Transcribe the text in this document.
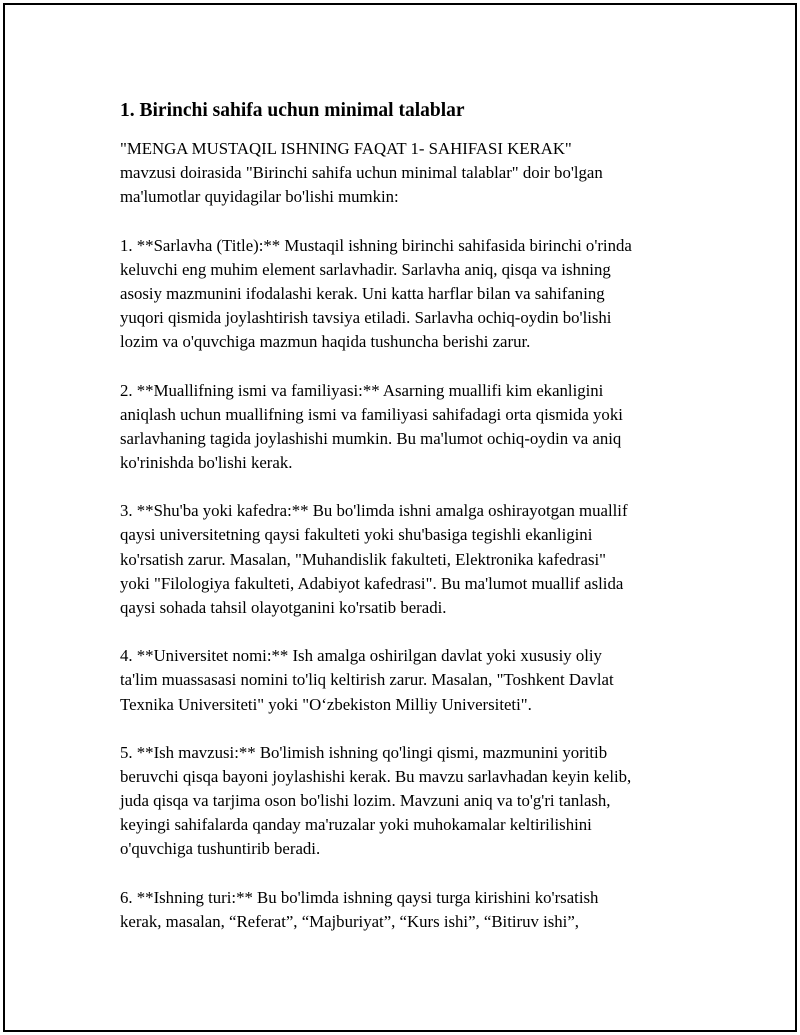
1. Birinchi sahifa uchun minimal talablar
"MENGA MUSTAQIL ISHNING FAQAT 1- SAHIFASI KERAK"
mavzusi doirasida "Birinchi sahifa uchun minimal talablar" doir bo'lgan
ma'lumotlar quyidagilar bo'lishi mumkin:
1. **Sarlavha (Title):** Mustaqil ishning birinchi sahifasida birinchi o'rinda
keluvchi eng muhim element sarlavhadir. Sarlavha aniq, qisqa va ishning
asosiy mazmunini ifodalashi kerak. Uni katta harflar bilan va sahifaning
yuqori qismida joylashtirish tavsiya etiladi. Sarlavha ochiq-oydin bo'lishi
lozim va o'quvchiga mazmun haqida tushuncha berishi zarur.
2. **Muallifning ismi va familiyasi:** Asarning muallifi kim ekanligini
aniqlash uchun muallifning ismi va familiyasi sahifadagi orta qismida yoki
sarlavhaning tagida joylashishi mumkin. Bu ma'lumot ochiq-oydin va aniq
ko'rinishda bo'lishi kerak.
3. **Shu'ba yoki kafedra:** Bu bo'limda ishni amalga oshirayotgan muallif
qaysi universitetning qaysi fakulteti yoki shu'basiga tegishli ekanligini
ko'rsatish zarur. Masalan, "Muhandislik fakulteti, Elektronika kafedrasi"
yoki "Filologiya fakulteti, Adabiyot kafedrasi". Bu ma'lumot muallif aslida
qaysi sohada tahsil olayotganini ko'rsatib beradi.
4. **Universitet nomi:** Ish amalga oshirilgan davlat yoki xususiy oliy
ta'lim muassasasi nomini to'liq keltirish zarur. Masalan, "Toshkent Davlat
Texnika Universiteti" yoki "O‘zbekiston Milliy Universiteti".
5. **Ish mavzusi:** Bo'limish ishning qo'lingi qismi, mazmunini yoritib
beruvchi qisqa bayoni joylashishi kerak. Bu mavzu sarlavhadan keyin kelib,
juda qisqa va tarjima oson bo'lishi lozim. Mavzuni aniq va to'g'ri tanlash,
keyingi sahifalarda qanday ma'ruzalar yoki muhokamalar keltirilishini
o'quvchiga tushuntirib beradi.
6. **Ishning turi:** Bu bo'limda ishning qaysi turga kirishini ko'rsatish
kerak, masalan, “Referat”, “Majburiyat”, “Kurs ishi”, “Bitiruv ishi”,
